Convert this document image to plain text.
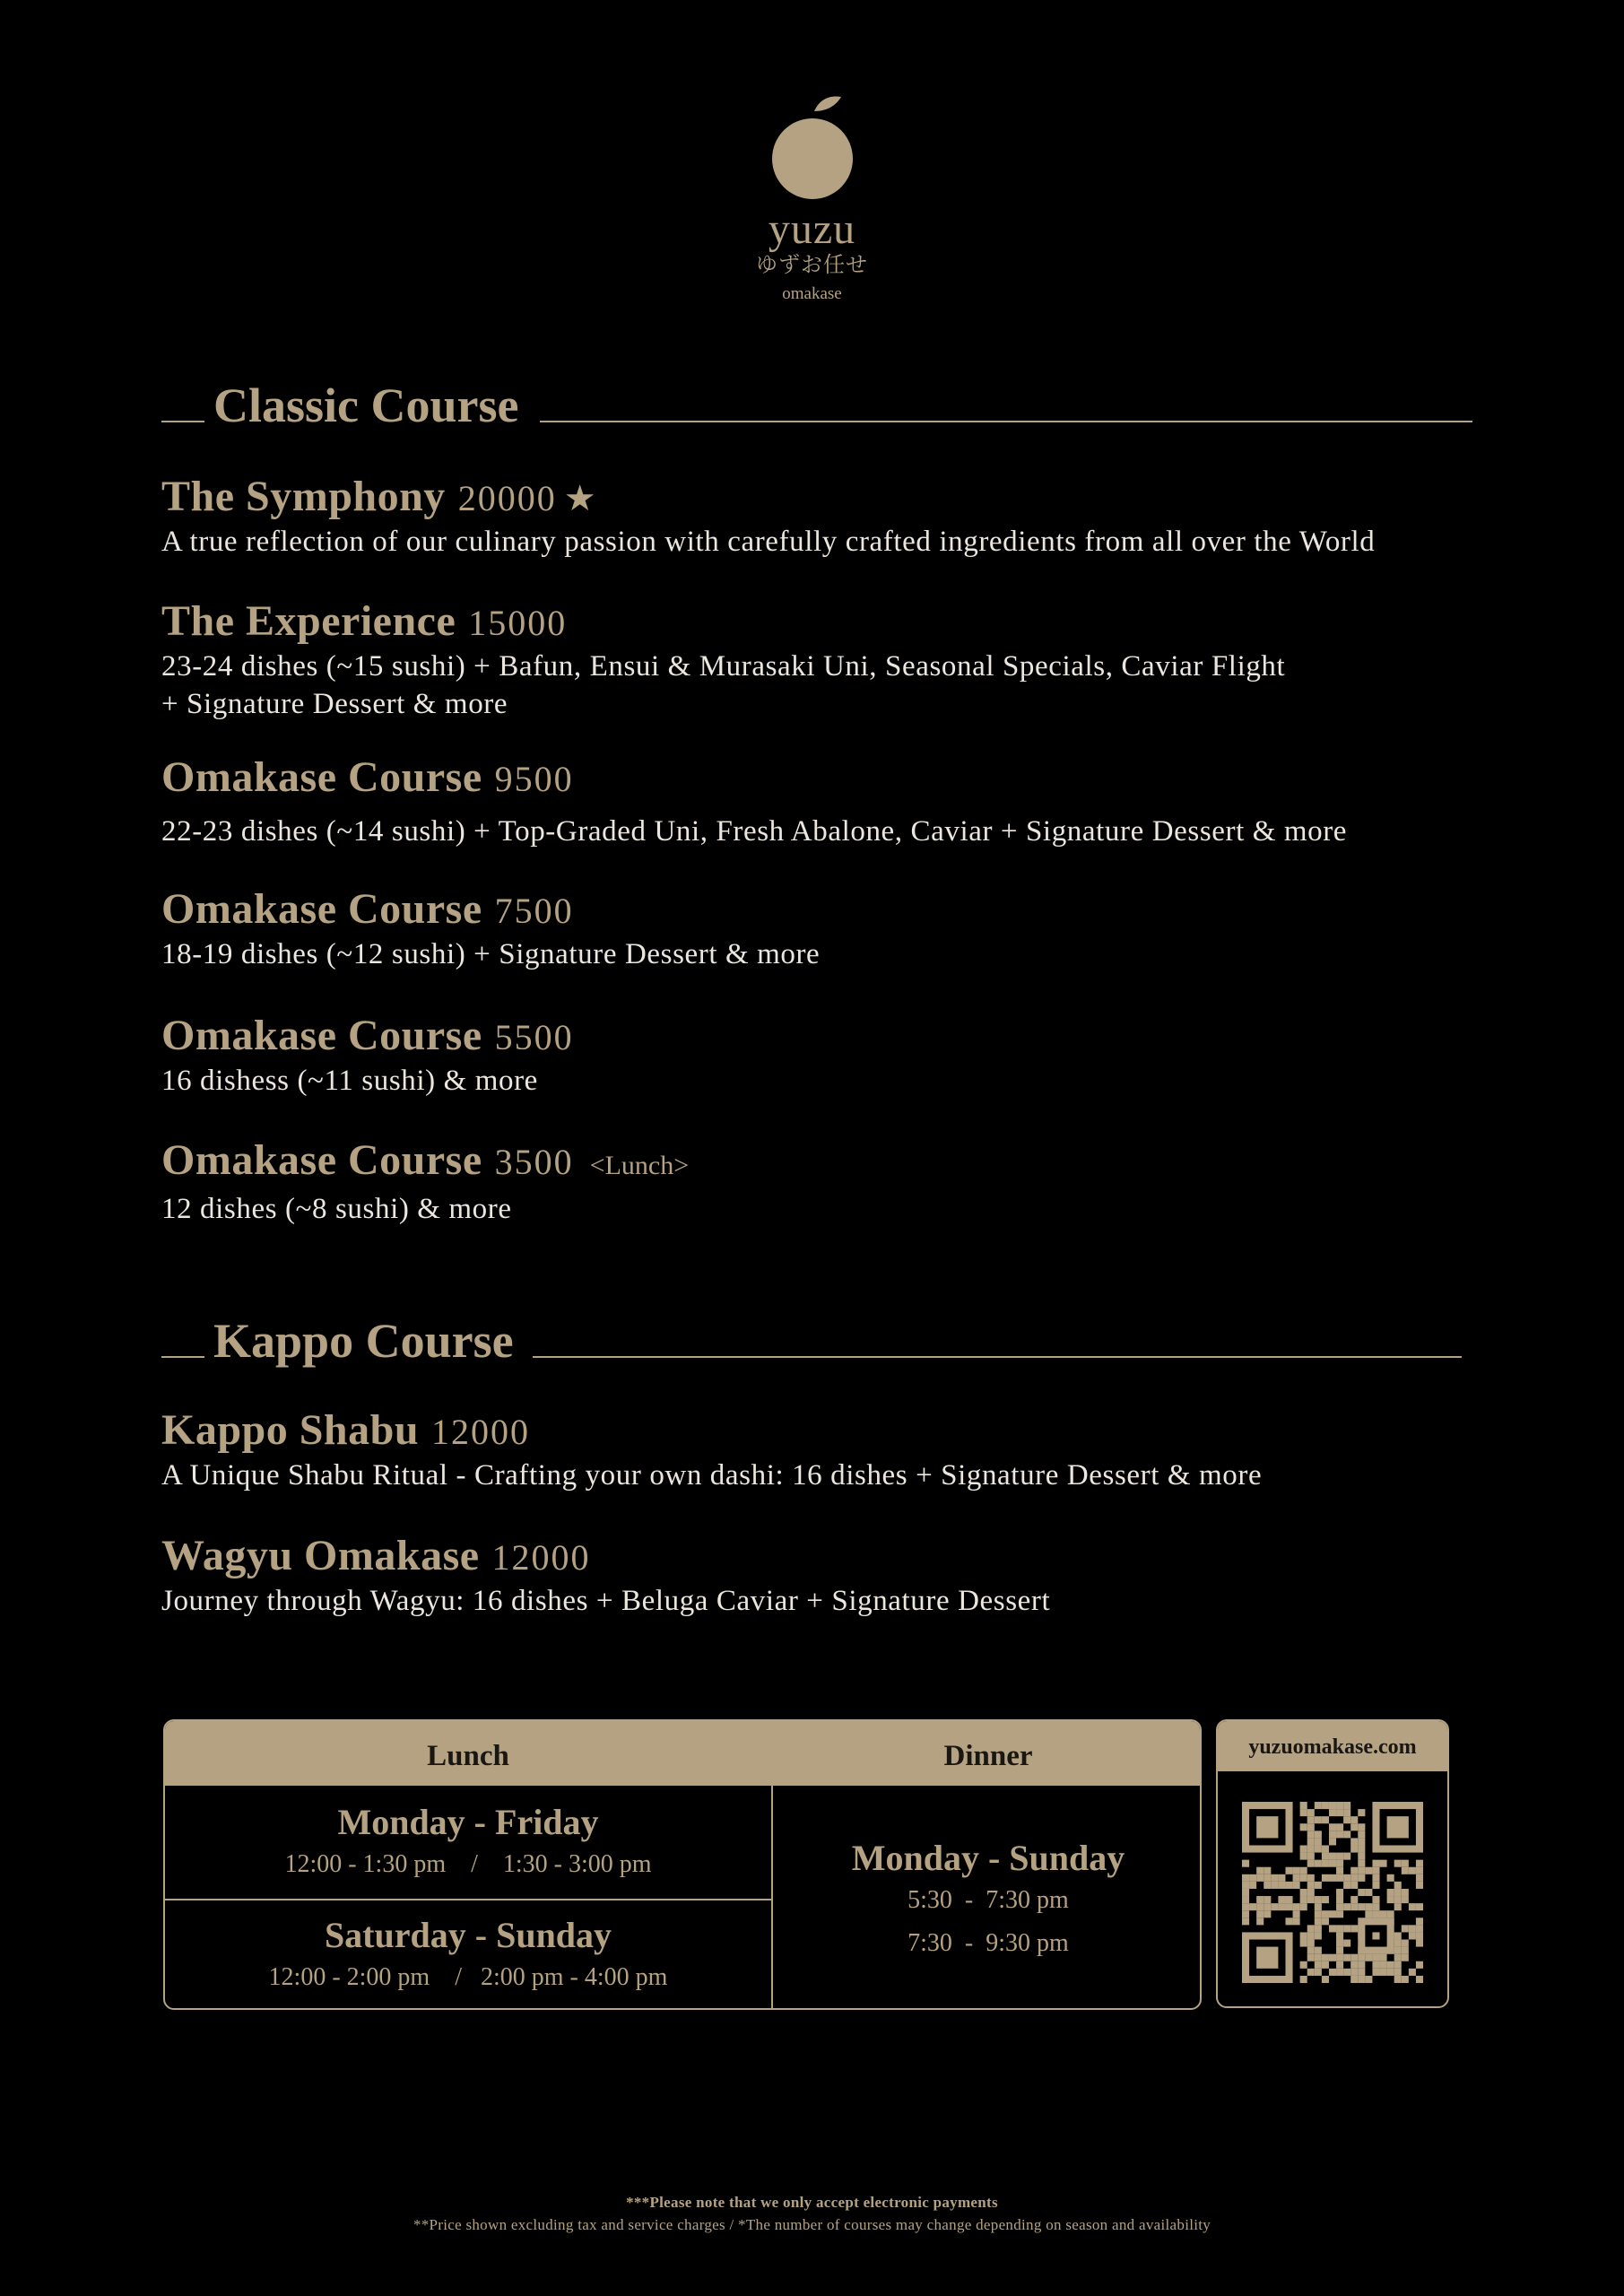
yuzu
ゆずお任せ
omakase
Classic Course
The Symphony 20000 ★
A true reflection of our culinary passion with carefully crafted ingredients from all over the World
The Experience 15000
23-24 dishes (~15 sushi) + Bafun, Ensui & Murasaki Uni, Seasonal Specials, Caviar Flight
+ Signature Dessert & more
Omakase Course 9500
22-23 dishes (~14 sushi) + Top-Graded Uni, Fresh Abalone, Caviar + Signature Dessert & more
Omakase Course 7500
18-19 dishes (~12 sushi) + Signature Dessert & more
Omakase Course 5500
16 dishess (~11 sushi) & more
Omakase Course 3500 <Lunch>
12 dishes (~8 sushi) & more
Kappo Course
Kappo Shabu 12000
A Unique Shabu Ritual - Crafting your own dashi: 16 dishes + Signature Dessert & more
Wagyu Omakase 12000
Journey through Wagyu: 16 dishes + Beluga Caviar + Signature Dessert
Lunch	Dinner
Monday - Friday
12:00 - 1:30 pm    /    1:30 - 3:00 pm
Saturday - Sunday
12:00 - 2:00 pm    /   2:00 pm - 4:00 pm
Monday - Sunday
5:30  -  7:30 pm
7:30  -  9:30 pm
yuzuomakase.com
***Please note that we only accept electronic payments
**Price shown excluding tax and service charges / *The number of courses may change depending on season and availability
